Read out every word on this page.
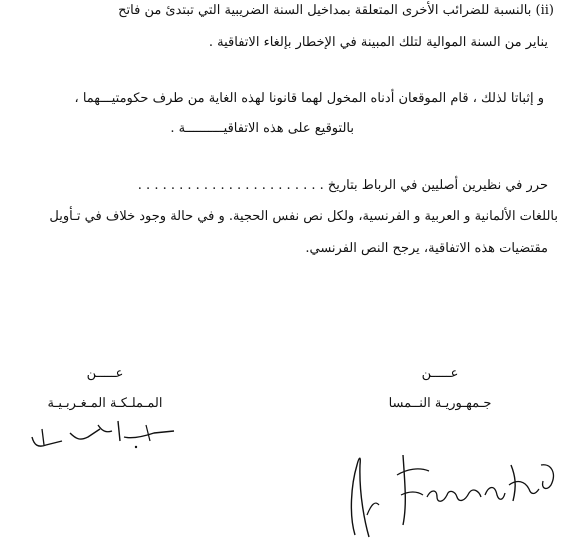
(ii) بالنسبة للضرائب الأخرى المتعلقة بمداخيل السنة الضريبية التي تبتدئ من فاتح
يناير من السنة الموالية لتلك المبينة في الإخطار بإلغاء الاتفاقية .
و إثباتا لذلك ، قام الموقعان أدناه المخول لهما قانونا لهذه الغاية من طرف حكومتيـــهما ،
بالتوقيع على هذه الاتفاقيــــــــــة .
حرر في نظيرين أصليين في الرباط بتاريخ . . . . . . . . . . . . . . . . . . . . . . .
باللغات الألمانية و العربية و الفرنسية، ولكل نص نفس الحجية. و في حالة وجود خلاف في تـأويل
مقتضيات هذه الاتفاقية، يرجح النص الفرنسي.
عـــــن
المـملـكـة المـغـربـيـة
عـــــن
جـمهـوريـة النــمسا
